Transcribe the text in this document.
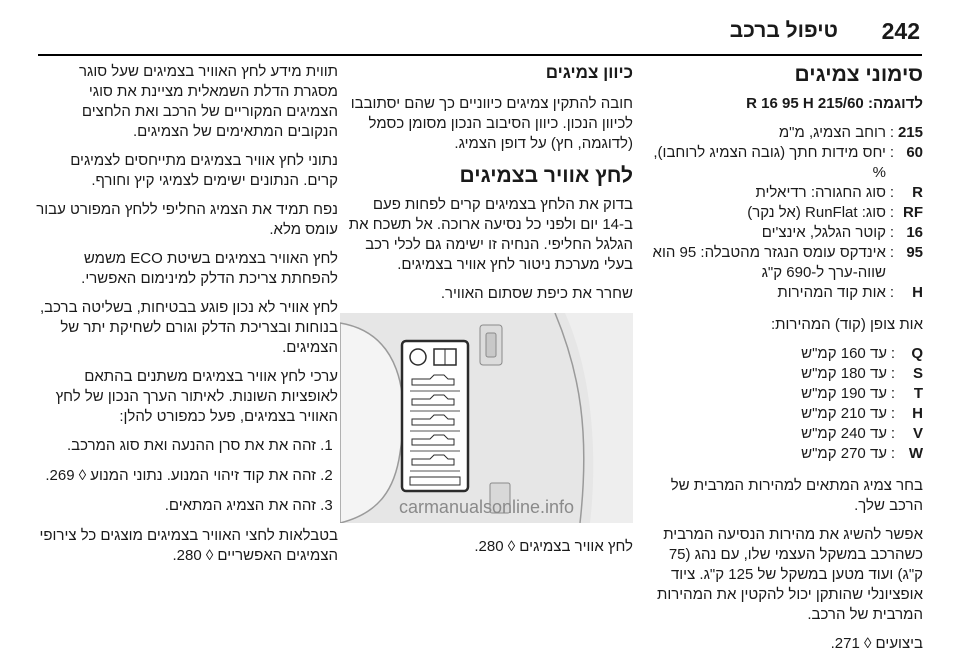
242
טיפול ברכב
סימוני צמיגים

לדוגמה: 215/60 R 16 95 H

215	:	רוחב הצמיג, מ"מ
60	:	יחס מידות חתך (גובה הצמיג לרוחבו), %
R	:	סוג החגורה: רדיאלית
RF	:	סוג: RunFlat (אל נקר)
16	:	קוטר הגלגל, אינצ'ים
95	:	אינדקס עומס הנגזר מהטבלה: 95 הוא שווה-ערך ל-690 ק"ג
H	:	אות קוד המהירות

אות צופן (קוד) המהירות:

Q	:	עד 160 קמ"ש
S	:	עד 180 קמ"ש
T	:	עד 190 קמ"ש
H	:	עד 210 קמ"ש
V	:	עד 240 קמ"ש
W	:	עד 270 קמ"ש

בחר צמיג המתאים למהירות המרבית של הרכב שלך.

אפשר להשיג את מהירות הנסיעה המרבית כשהרכב במשקל העצמי שלו, עם נהג (75 ק"ג) ועוד מטען במשקל של 125 ק"ג. ציוד אופציונלי שהותקן יכול להקטין את המהירות המרבית של הרכב.

ביצועים ◊ 271.

כיוון צמיגים

חובה להתקין צמיגים כיווניים כך שהם יסתובבו לכיוון הנכון. כיוון הסיבוב הנכון מסומן כסמל (לדוגמה, חץ) על דופן הצמיג.

לחץ אוויר בצמיגים

בדוק את הלחץ בצמיגים קרים לפחות פעם ב-14 יום ולפני כל נסיעה ארוכה. אל תשכח את הגלגל החליפי. הנחיה זו ישימה גם לכלי רכב בעלי מערכת ניטור לחץ אוויר בצמיגים.

שחרר את כיפת שסתום האוויר.

carmanualsonline.info

לחץ אוויר בצמיגים ◊ 280.

תווית מידע לחץ האוויר בצמיגים שעל סוגר מסגרת הדלת השמאלית מציינת את סוגי הצמיגים המקוריים של הרכב ואת הלחצים הנקובים המתאימים של הצמיגים.

נתוני לחץ אוויר בצמיגים מתייחסים לצמיגים קרים. הנתונים ישימים לצמיגי קיץ וחורף.

נפח תמיד את הצמיג החליפי ללחץ המפורט עבור עומס מלא.

לחץ האוויר בצמיגים בשיטת ECO משמש להפחתת צריכת הדלק למינימום האפשרי.

לחץ אוויר לא נכון פוגע בבטיחות, בשליטה ברכב, בנוחות ובצריכת הדלק וגורם לשחיקת יתר של הצמיגים.

ערכי לחץ אוויר בצמיגים משתנים בהתאם לאופציות השונות. לאיתור הערך הנכון של לחץ האוויר בצמיגים, פעל כמפורט להלן:

1. זהה את את סרן ההנעה ואת סוג המרכב.
2. זהה את קוד זיהוי המנוע. נתוני המנוע ◊ 269.
3. זהה את הצמיג המתאים.

בטבלאות לחצי האוויר בצמיגים מוצגים כל צירופי הצמיגים האפשריים ◊ 280.
